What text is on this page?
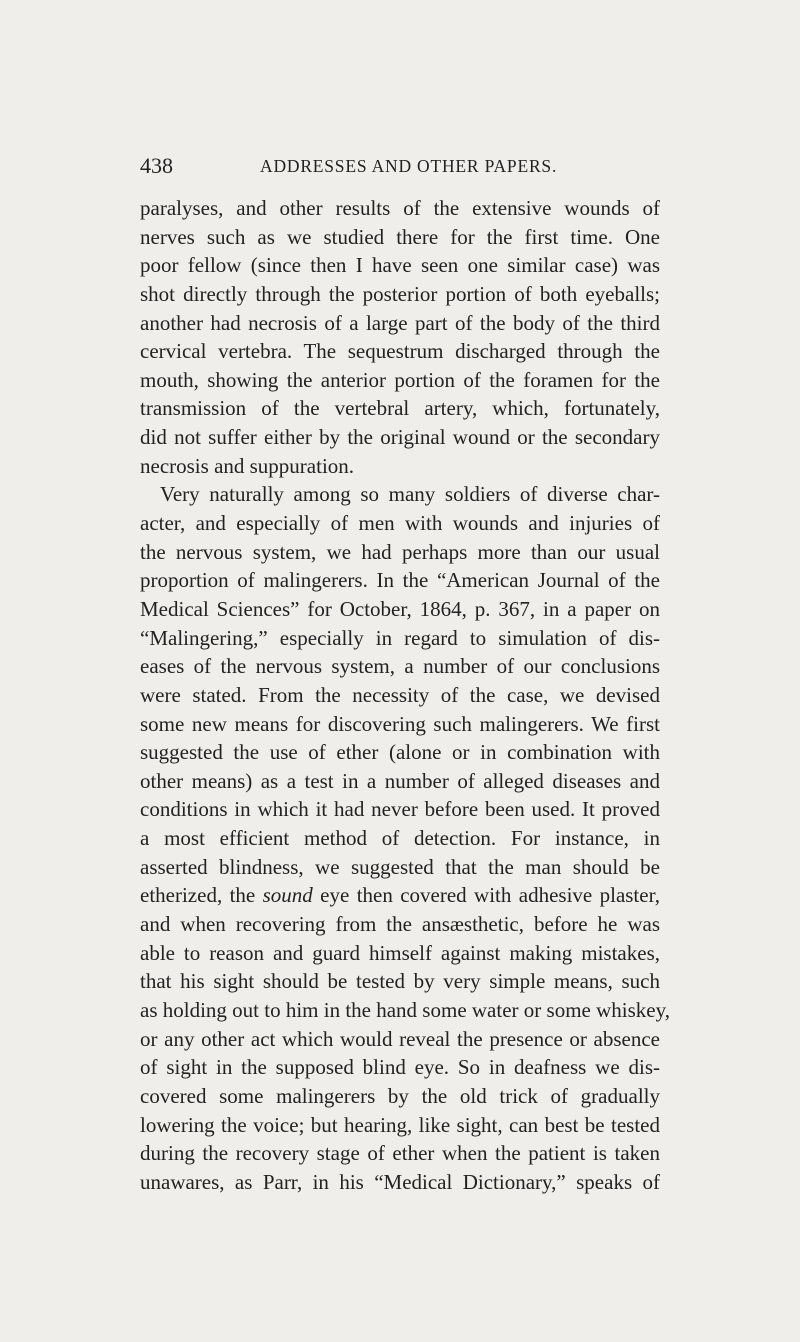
438	ADDRESSES AND OTHER PAPERS.
paralyses, and other results of the extensive wounds of
nerves such as we studied there for the first time. One
poor fellow (since then I have seen one similar case) was
shot directly through the posterior portion of both eyeballs;
another had necrosis of a large part of the body of the third
cervical vertebra. The sequestrum discharged through the
mouth, showing the anterior portion of the foramen for the
transmission of the vertebral artery, which, fortunately,
did not suffer either by the original wound or the secondary
necrosis and suppuration.
Very naturally among so many soldiers of diverse char-
acter, and especially of men with wounds and injuries of
the nervous system, we had perhaps more than our usual
proportion of malingerers. In the “American Journal of the
Medical Sciences” for October, 1864, p. 367, in a paper on
“Malingering,” especially in regard to simulation of dis-
eases of the nervous system, a number of our conclusions
were stated. From the necessity of the case, we devised
some new means for discovering such malingerers. We first
suggested the use of ether (alone or in combination with
other means) as a test in a number of alleged diseases and
conditions in which it had never before been used. It proved
a most efficient method of detection. For instance, in
asserted blindness, we suggested that the man should be
etherized, the sound eye then covered with adhesive plaster,
and when recovering from the ansæsthetic, before he was
able to reason and guard himself against making mistakes,
that his sight should be tested by very simple means, such
as holding out to him in the hand some water or some whiskey,
or any other act which would reveal the presence or absence
of sight in the supposed blind eye. So in deafness we dis-
covered some malingerers by the old trick of gradually
lowering the voice; but hearing, like sight, can best be tested
during the recovery stage of ether when the patient is taken
unawares, as Parr, in his “Medical Dictionary,” speaks of
